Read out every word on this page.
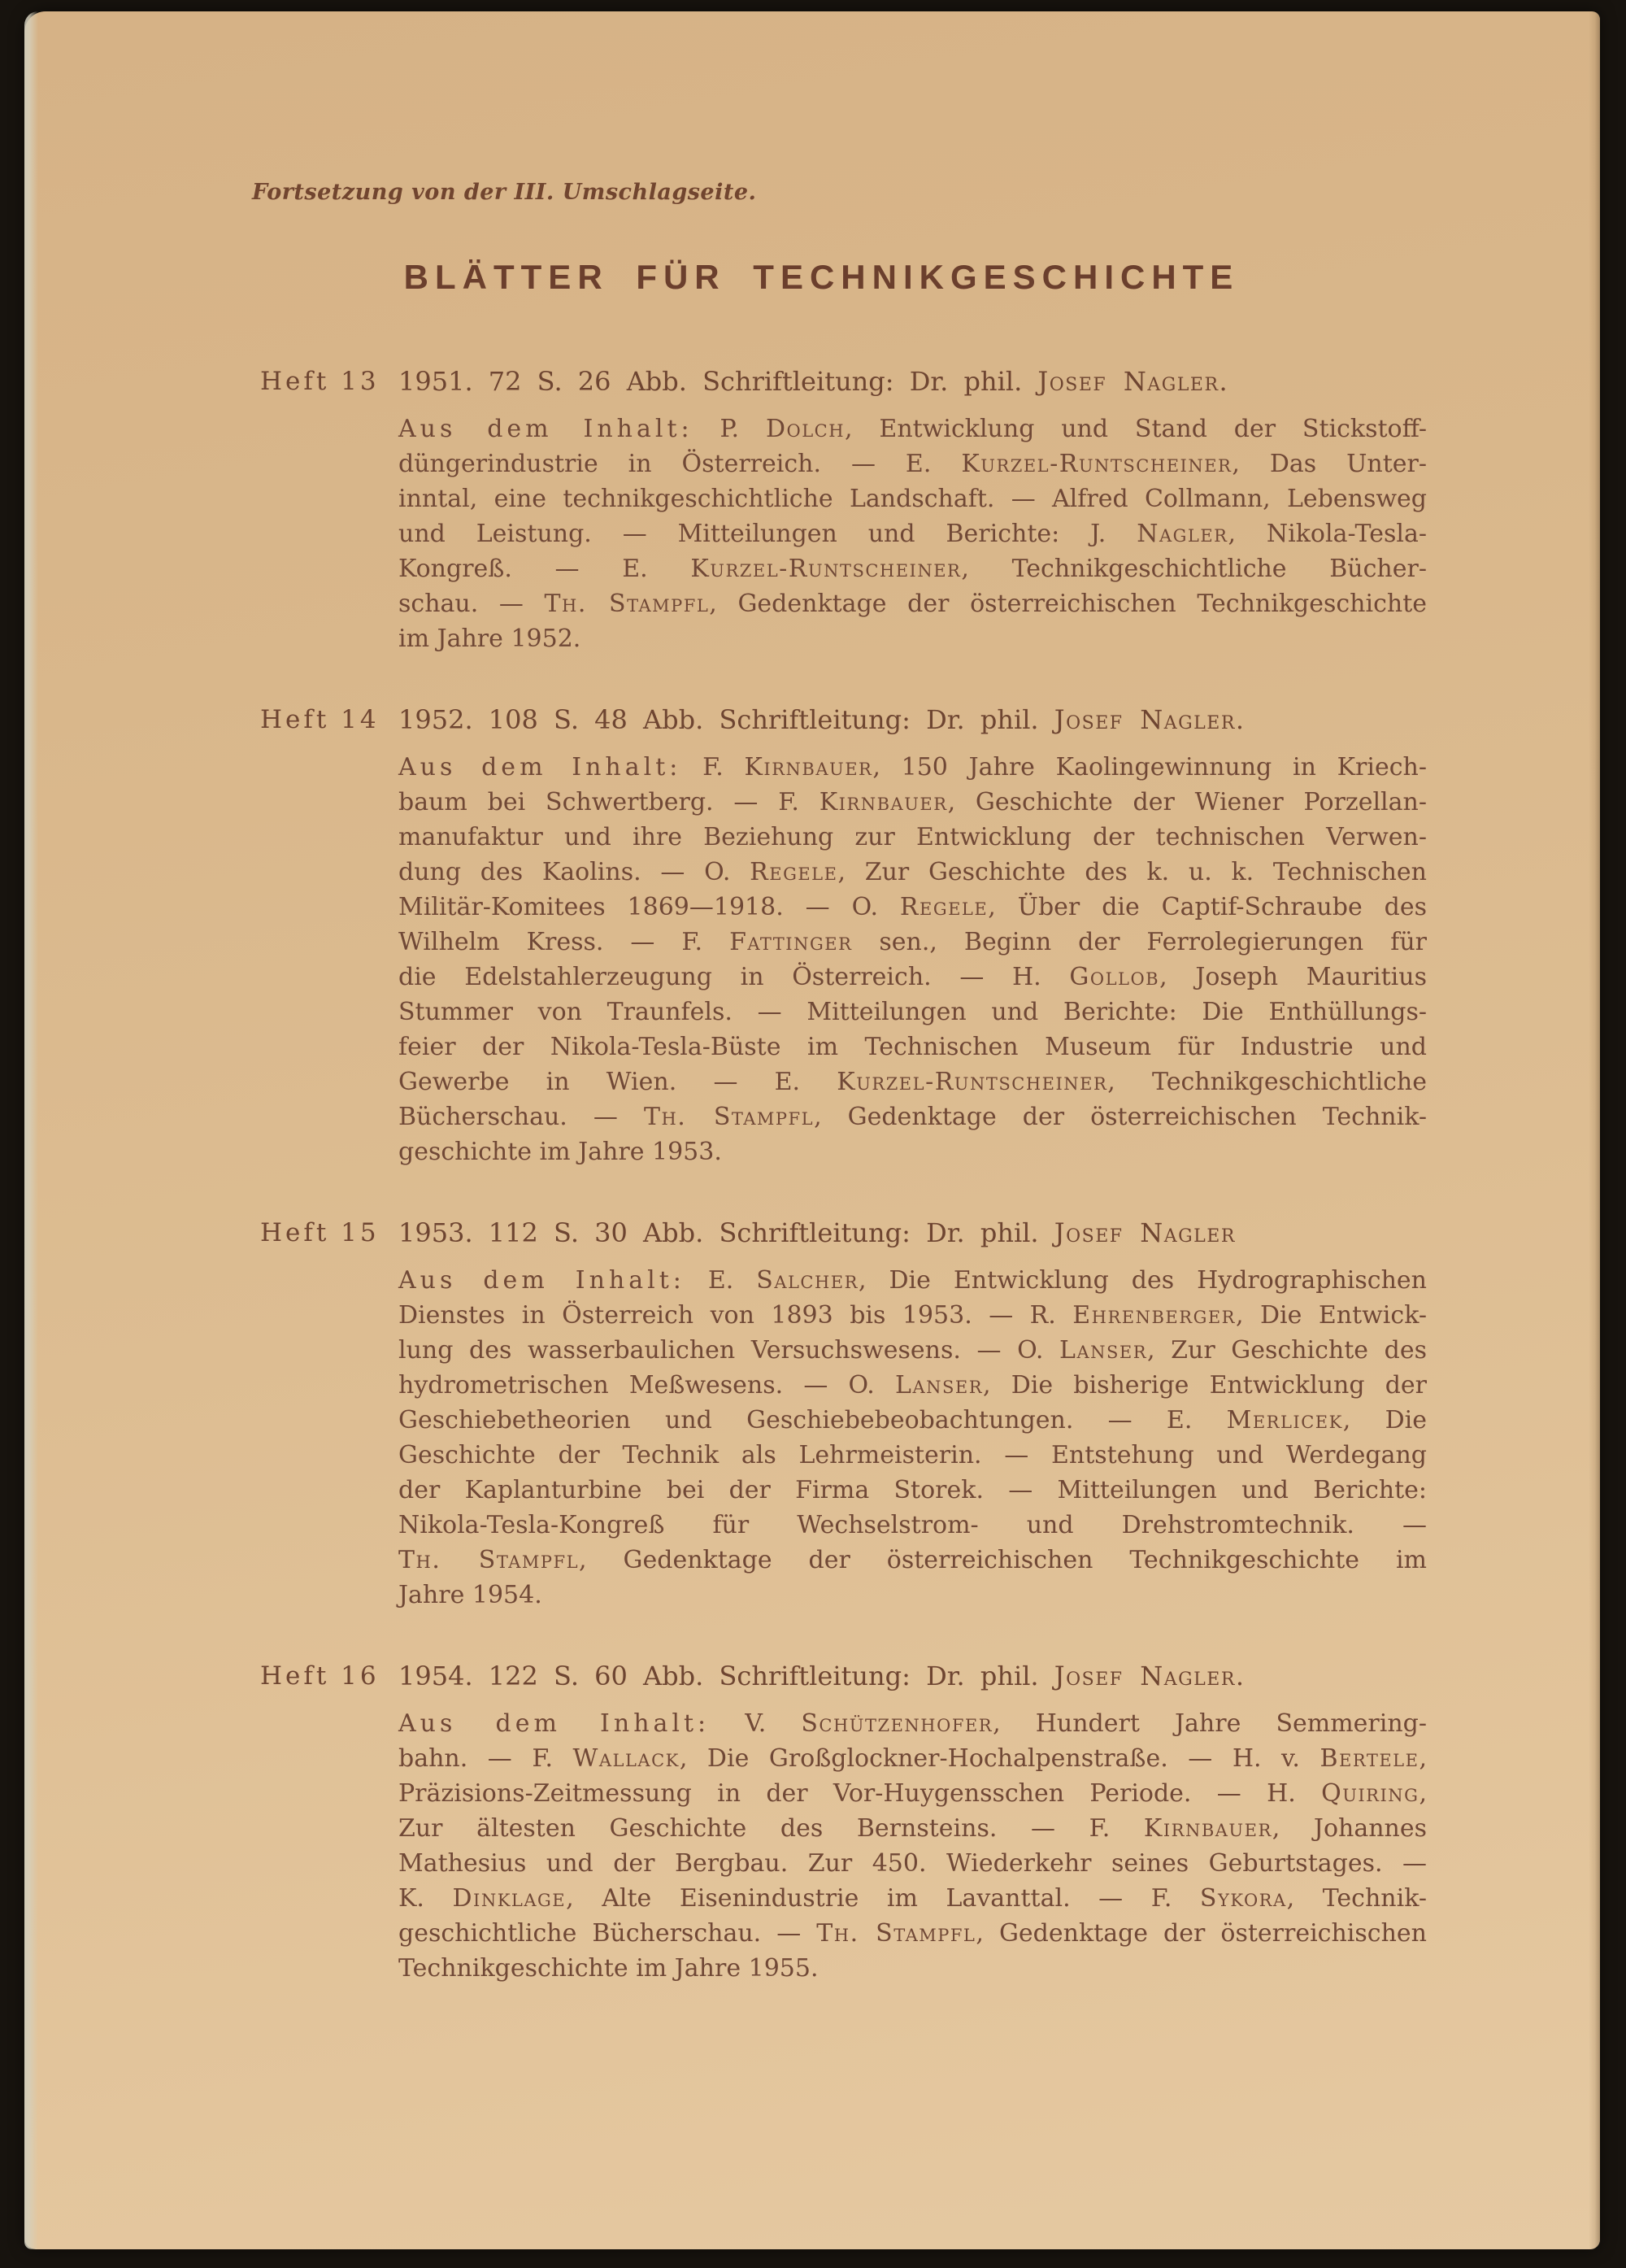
Fortsetzung von der III. Umschlagseite.
BLÄTTER FÜR TECHNIKGESCHICHTE
Heft 13 1951. 72 S. 26 Abb. Schriftleitung: Dr. phil. Josef Nagler.
Aus dem Inhalt: P. Dolch, Entwicklung und Stand der Stickstoff-
düngerindustrie in Österreich. — E. Kurzel-Runtscheiner, Das Unter-
inntal, eine technikgeschichtliche Landschaft. — Alfred Collmann, Lebensweg
und Leistung. — Mitteilungen und Berichte: J. Nagler, Nikola-Tesla-
Kongreß. — E. Kurzel-Runtscheiner, Technikgeschichtliche Bücher-
schau. — Th. Stampfl, Gedenktage der österreichischen Technikgeschichte
im Jahre 1952.
Heft 14 1952. 108 S. 48 Abb. Schriftleitung: Dr. phil. Josef Nagler.
Aus dem Inhalt: F. Kirnbauer, 150 Jahre Kaolingewinnung in Kriech-
baum bei Schwertberg. — F. Kirnbauer, Geschichte der Wiener Porzellan-
manufaktur und ihre Beziehung zur Entwicklung der technischen Verwen-
dung des Kaolins. — O. Regele, Zur Geschichte des k. u. k. Technischen
Militär-Komitees 1869—1918. — O. Regele, Über die Captif-Schraube des
Wilhelm Kress. — F. Fattinger sen., Beginn der Ferrolegierungen für
die Edelstahlerzeugung in Österreich. — H. Gollob, Joseph Mauritius
Stummer von Traunfels. — Mitteilungen und Berichte: Die Enthüllungs-
feier der Nikola-Tesla-Büste im Technischen Museum für Industrie und
Gewerbe in Wien. — E. Kurzel-Runtscheiner, Technikgeschichtliche
Bücherschau. — Th. Stampfl, Gedenktage der österreichischen Technik-
geschichte im Jahre 1953.
Heft 15 1953. 112 S. 30 Abb. Schriftleitung: Dr. phil. Josef Nagler
Aus dem Inhalt: E. Salcher, Die Entwicklung des Hydrographischen
Dienstes in Österreich von 1893 bis 1953. — R. Ehrenberger, Die Entwick-
lung des wasserbaulichen Versuchswesens. — O. Lanser, Zur Geschichte des
hydrometrischen Meßwesens. — O. Lanser, Die bisherige Entwicklung der
Geschiebetheorien und Geschiebebeobachtungen. — E. Merlicek, Die
Geschichte der Technik als Lehrmeisterin. — Entstehung und Werdegang
der Kaplanturbine bei der Firma Storek. — Mitteilungen und Berichte:
Nikola-Tesla-Kongreß für Wechselstrom- und Drehstromtechnik. —
Th. Stampfl, Gedenktage der österreichischen Technikgeschichte im
Jahre 1954.
Heft 16 1954. 122 S. 60 Abb. Schriftleitung: Dr. phil. Josef Nagler.
Aus dem Inhalt: V. Schützenhofer, Hundert Jahre Semmering-
bahn. — F. Wallack, Die Großglockner-Hochalpenstraße. — H. v. Bertele,
Präzisions-Zeitmessung in der Vor-Huygensschen Periode. — H. Quiring,
Zur ältesten Geschichte des Bernsteins. — F. Kirnbauer, Johannes
Mathesius und der Bergbau. Zur 450. Wiederkehr seines Geburtstages. —
K. Dinklage, Alte Eisenindustrie im Lavanttal. — F. Sykora, Technik-
geschichtliche Bücherschau. — Th. Stampfl, Gedenktage der österreichischen
Technikgeschichte im Jahre 1955.
